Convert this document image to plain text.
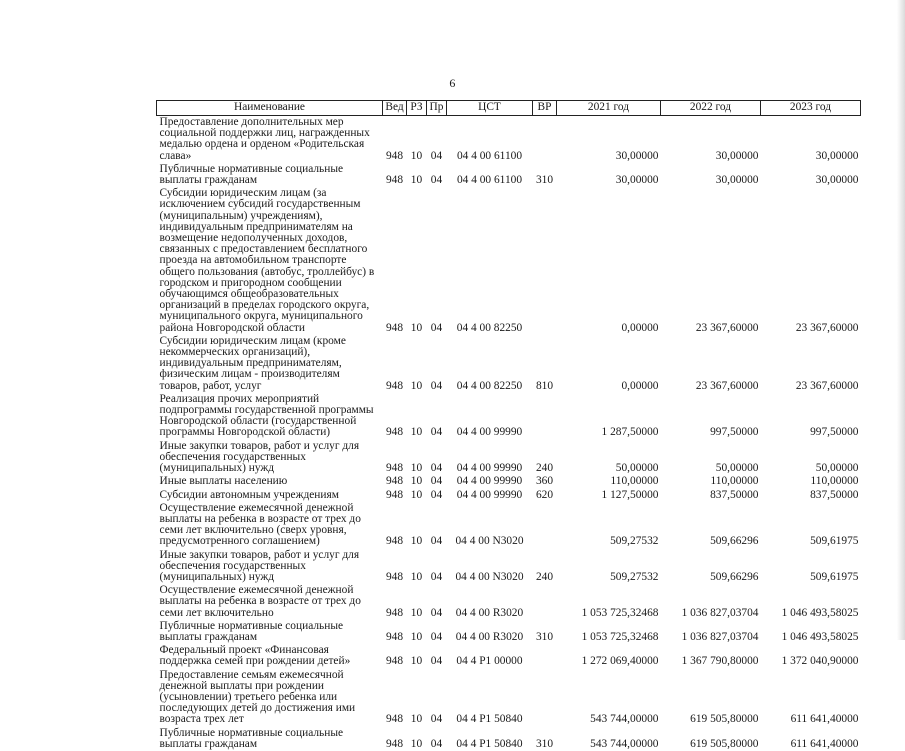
6
Наименование	Вед	РЗ	Пр	ЦСТ	ВР	2021 год	2022 год	2023 год
Предоставление дополнительных мер социальной поддержки лиц, награжденных медалью ордена и орденом «Родительская слава»	948	10	04	04 4 00 61100		30,00000	30,00000	30,00000
Публичные нормативные социальные выплаты гражданам	948	10	04	04 4 00 61100	310	30,00000	30,00000	30,00000
Субсидии юридическим лицам (за исключением субсидий государственным (муниципальным) учреждениям), индивидуальным предпринимателям на возмещение недополученных доходов, связанных с предоставлением бесплатного проезда на автомобильном транспорте общего пользования (автобус, троллейбус) в городском и пригородном сообщении обучающимся общеобразовательных организаций в пределах городского округа, муниципального округа, муниципального района Новгородской области	948	10	04	04 4 00 82250		0,00000	23 367,60000	23 367,60000
Субсидии юридическим лицам (кроме некоммерческих организаций), индивидуальным предпринимателям, физическим лицам - производителям товаров, работ, услуг	948	10	04	04 4 00 82250	810	0,00000	23 367,60000	23 367,60000
Реализация прочих мероприятий подпрограммы государственной программы Новгородской области (государственной программы Новгородской области)	948	10	04	04 4 00 99990		1 287,50000	997,50000	997,50000
Иные закупки товаров, работ и услуг для обеспечения государственных (муниципальных) нужд	948	10	04	04 4 00 99990	240	50,00000	50,00000	50,00000
Иные выплаты населению	948	10	04	04 4 00 99990	360	110,00000	110,00000	110,00000
Субсидии автономным учреждениям	948	10	04	04 4 00 99990	620	1 127,50000	837,50000	837,50000
Осуществление ежемесячной денежной выплаты на ребенка в возрасте от трех до семи лет включительно (сверх уровня, предусмотренного соглашением)	948	10	04	04 4 00 N3020		509,27532	509,66296	509,61975
Иные закупки товаров, работ и услуг для обеспечения государственных (муниципальных) нужд	948	10	04	04 4 00 N3020	240	509,27532	509,66296	509,61975
Осуществление ежемесячной денежной выплаты на ребенка в возрасте от трех до семи лет включительно	948	10	04	04 4 00 R3020		1 053 725,32468	1 036 827,03704	1 046 493,58025
Публичные нормативные социальные выплаты гражданам	948	10	04	04 4 00 R3020	310	1 053 725,32468	1 036 827,03704	1 046 493,58025
Федеральный проект «Финансовая поддержка семей при рождении детей»	948	10	04	04 4 P1 00000		1 272 069,40000	1 367 790,80000	1 372 040,90000
Предоставление семьям ежемесячной денежной выплаты при рождении (усыновлении) третьего ребенка или последующих детей до достижения ими возраста трех лет	948	10	04	04 4 P1 50840		543 744,00000	619 505,80000	611 641,40000
Публичные нормативные социальные выплаты гражданам	948	10	04	04 4 P1 50840	310	543 744,00000	619 505,80000	611 641,40000
